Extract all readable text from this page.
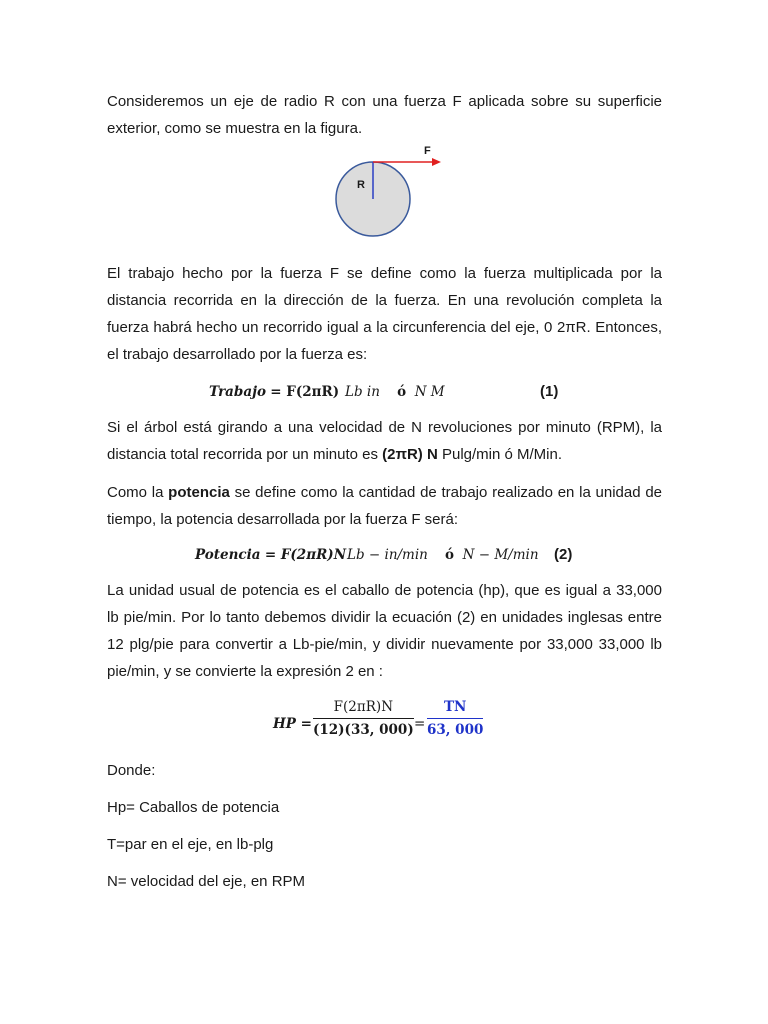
Consideremos un eje de radio R con una fuerza F aplicada sobre su superficie exterior, como se muestra en la figura.

R
F

El trabajo hecho por la fuerza F se define como la fuerza multiplicada por la distancia recorrida en la dirección de la fuerza. En una revolución completa la fuerza habrá hecho un recorrido igual a la circunferencia del eje, 0 2πR. Entonces, el trabajo desarrollado por la fuerza es:

Trabajo = F(2πR) Lb in ó N M	(1)

Si el árbol está girando a una velocidad de N revoluciones por minuto (RPM), la distancia total recorrida por un minuto es (2πR) N Pulg/min ó M/Min.

Como la potencia se define como la cantidad de trabajo realizado en la unidad de tiempo, la potencia desarrollada por la fuerza F será:

Potencia = F(2πR)N Lb − in/min ó N − M/min (2)

La unidad usual de potencia es el caballo de potencia (hp), que es igual a 33,000 lb pie/min. Por lo tanto debemos dividir la ecuación (2) en unidades inglesas entre 12 plg/pie para convertir a Lb-pie/min, y dividir nuevamente por 33,000 33,000 lb pie/min, y se convierte la expresión 2 en :

HP = $\frac{F(2\pi R)N}{(12)(33, 000)} = \frac{TN}{63, 000}$

Donde:

Hp= Caballos de potencia

T=par en el eje, en lb-plg

N= velocidad del eje, en RPM
